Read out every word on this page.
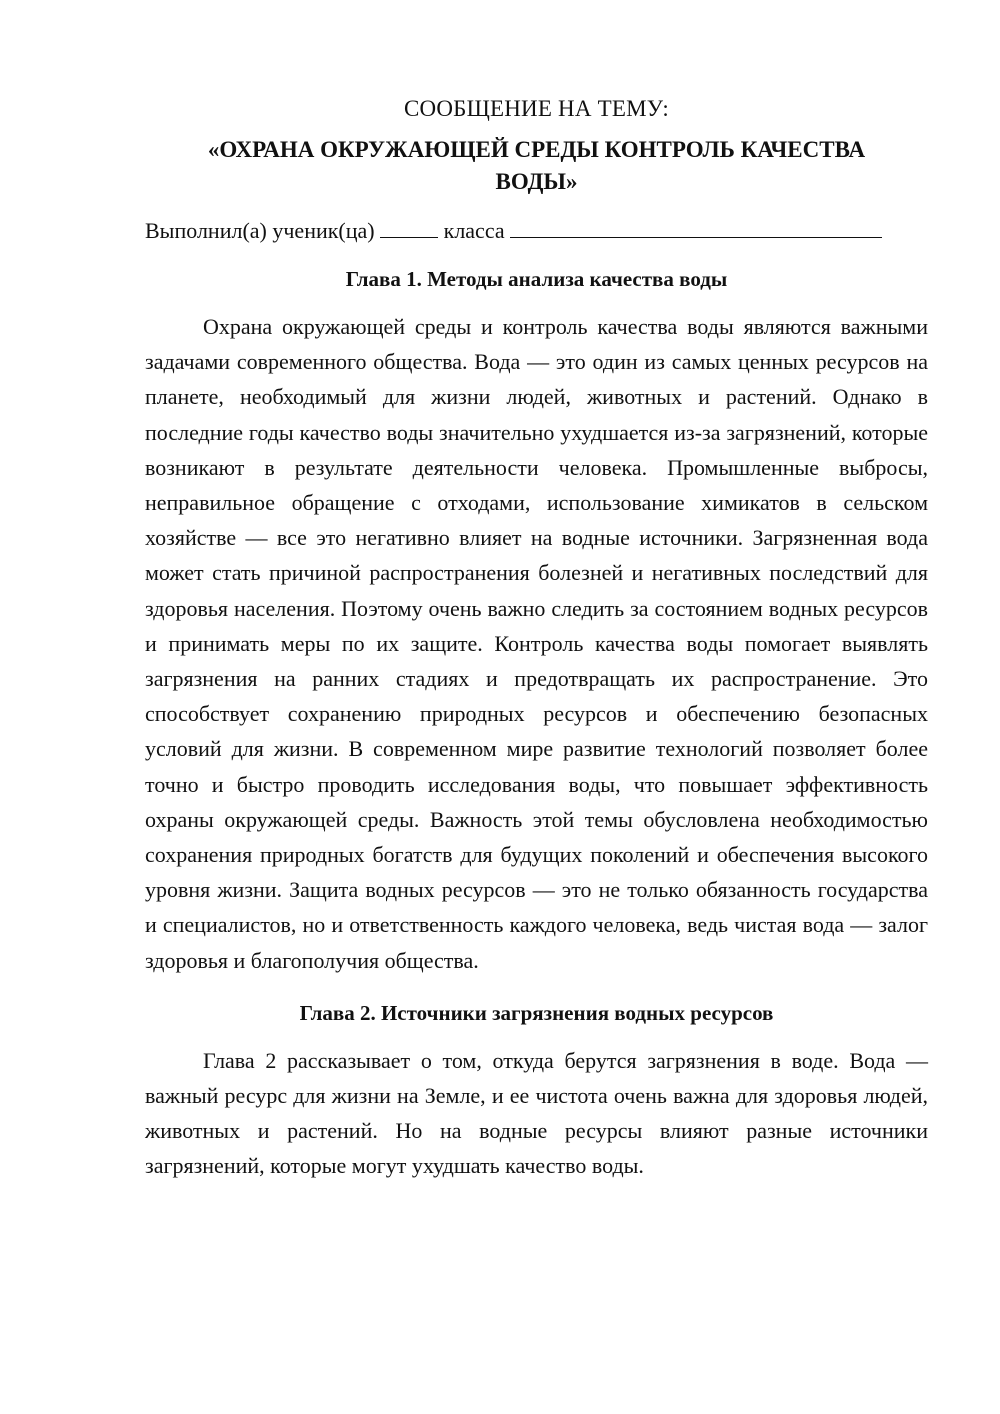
СООБЩЕНИЕ НА ТЕМУ:
«ОХРАНА ОКРУЖАЮЩЕЙ СРЕДЫ КОНТРОЛЬ КАЧЕСТВА ВОДЫ»
Выполнил(а) ученик(ца)	класса
Глава 1. Методы анализа качества воды

Охрана окружающей среды и контроль качества воды являются важными задачами современного общества. Вода — это один из самых ценных ресурсов на планете, необходимый для жизни людей, животных и растений. Однако в последние годы качество воды значительно ухудшается из-за загрязнений, которые возникают в результате деятельности человека. Промышленные выбросы, неправильное обращение с отходами, использование химикатов в сельском хозяйстве — все это негативно влияет на водные источники. Загрязненная вода может стать причиной распространения болезней и негативных последствий для здоровья населения. Поэтому очень важно следить за состоянием водных ресурсов и принимать меры по их защите. Контроль качества воды помогает выявлять загрязнения на ранних стадиях и предотвращать их распространение. Это способствует сохранению природных ресурсов и обеспечению безопасных условий для жизни. В современном мире развитие технологий позволяет более точно и быстро проводить исследования воды, что повышает эффективность охраны окружающей среды. Важность этой темы обусловлена необходимостью сохранения природных богатств для будущих поколений и обеспечения высокого уровня жизни. Защита водных ресурсов — это не только обязанность государства и специалистов, но и ответственность каждого человека, ведь чистая вода — залог здоровья и благополучия общества.

Глава 2. Источники загрязнения водных ресурсов

Глава 2 рассказывает о том, откуда берутся загрязнения в воде. Вода — важный ресурс для жизни на Земле, и ее чистота очень важна для здоровья людей, животных и растений. Но на водные ресурсы влияют разные источники загрязнений, которые могут ухудшать качество воды.
